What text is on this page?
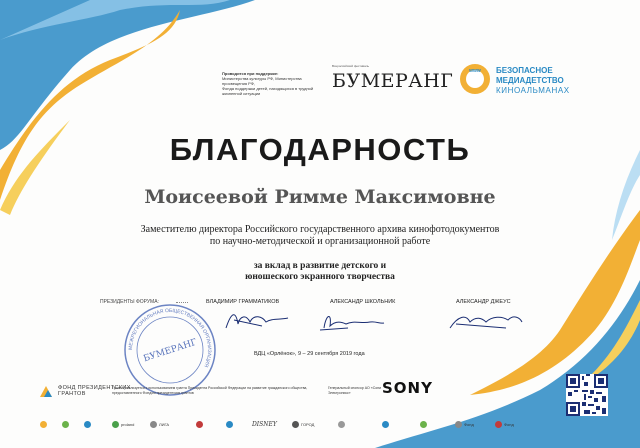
Проводится при поддержке:
Министерства культуры РФ, Министерства просвещения РФ,
Фонда поддержки детей, находящихся в трудной жизненной ситуации
Всероссийский фестиваль
БУМЕРАНГ	www	БЕЗОПАСНОЕ
МЕДИАДЕТСТВО
КИНОАЛЬМАНАХ
БЛАГОДАРНОСТЬ
Моисеевой Римме Максимовне
Заместителю директора Российского государственного архива кинофотодокументов
по научно-методической и организационной работе
за вклад в развитие детского и
юношеского экранного творчества
ПРЕЗИДЕНТЫ ФОРУМА:	ВЛАДИМИР ГРАММАТИКОВ	АЛЕКСАНДР ШКОЛЬНИК	АЛЕКСАНДР ДЖЕУС
МЕЖРЕГИОНАЛЬНАЯ ОБЩЕСТВЕННАЯ ОРГАНИЗАЦИЯ
БУМЕРАНГ	ВДЦ «Орлёнок», 9 – 29 сентября 2019 года
ФОНД ПРЕЗИДЕНТСКИХ
ГРАНТОВ
Проект реализуется с использованием гранта Президента Российской Федерации на развитие гражданского общества, предоставленного Фондом президентских грантов
Генеральный спонсор АО «Сони Электроникс»	SONY
proland	ЛИГА	DISNEY	ГОРОД	Фонд	Фонд
